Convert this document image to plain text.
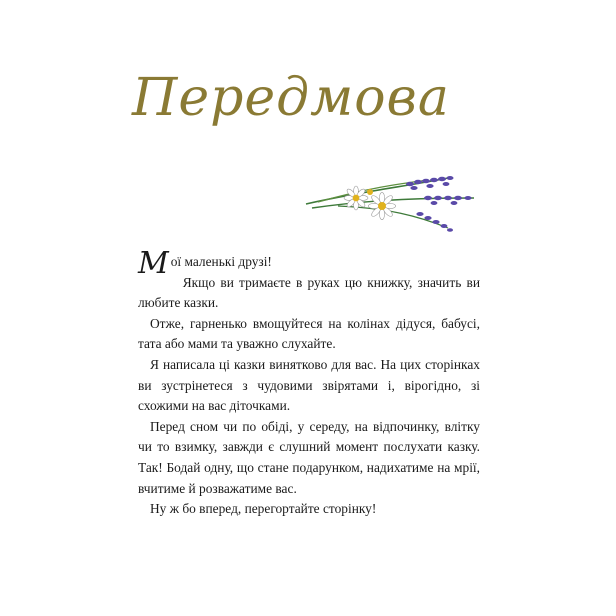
Передмова

Мої маленькі друзі!

Якщо ви тримаєте в руках цю книжку, значить ви любите казки.

Отже, гарненько вмощуйтеся на колінах дідуся, бабусі, тата або мами та уважно слухайте.

Я написала ці казки винятково для вас. На цих сторінках ви зустрінетеся з чудовими звірятами і, вірогідно, зі схожими на вас діточками.

Перед сном чи по обіді, у середу, на відпочинку, влітку чи то взимку, завжди є слушний момент послухати казку. Так! Бодай одну, що стане подарунком, надихатиме на мрії, вчитиме й розважатиме вас.

Ну ж бо вперед, перегортайте сторінку!
